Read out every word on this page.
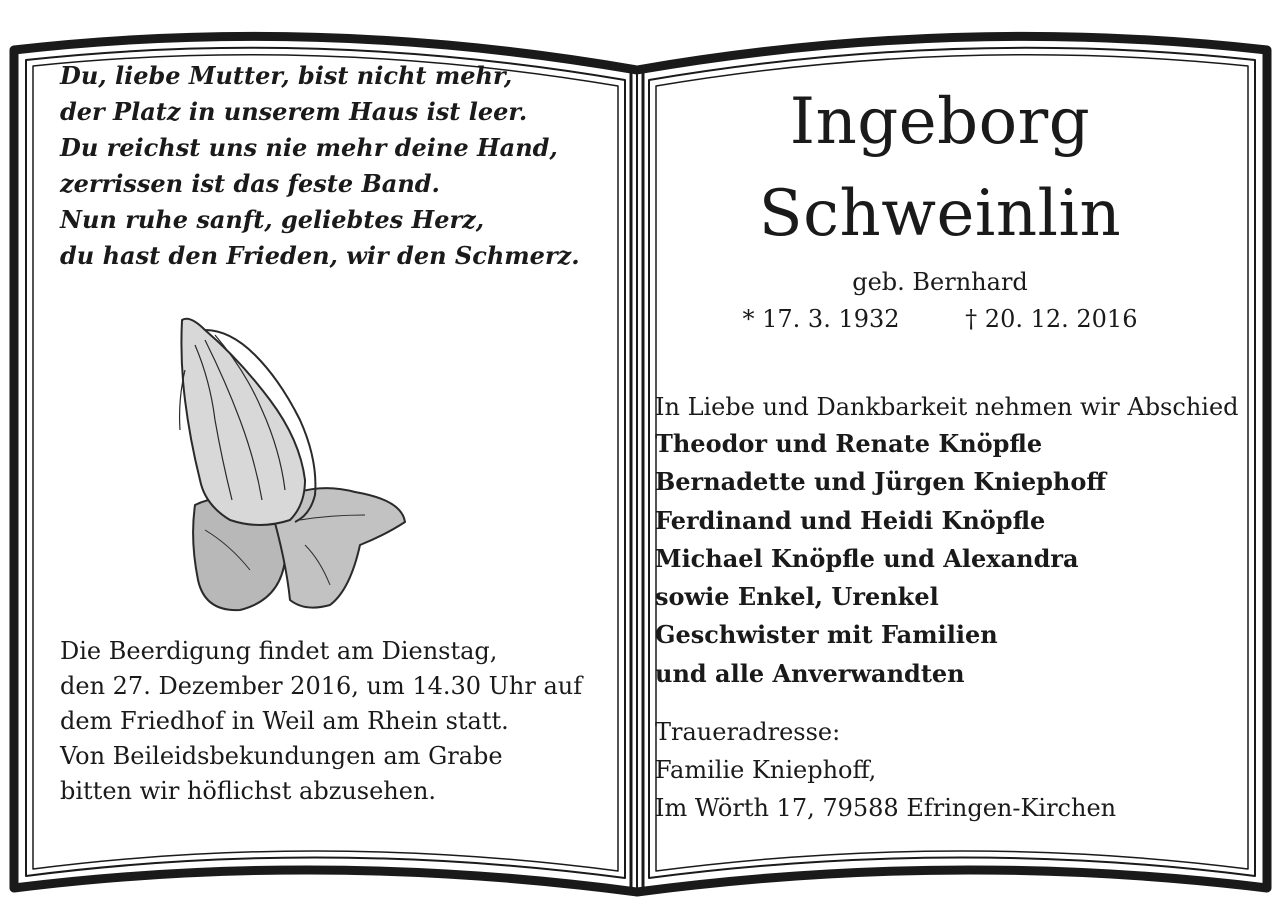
Du, liebe Mutter, bist nicht mehr,
der Platz in unserem Haus ist leer.
Du reichst uns nie mehr deine Hand,
zerrissen ist das feste Band.
Nun ruhe sanft, geliebtes Herz,
du hast den Frieden, wir den Schmerz.
Die Beerdigung findet am Dienstag,
den 27. Dezember 2016, um 14.30 Uhr auf
dem Friedhof in Weil am Rhein statt.
Von Beileidsbekundungen am Grabe
bitten wir höflichst abzusehen.
Ingeborg
Schweinlin
geb. Bernhard
* 17. 3. 1932	† 20. 12. 2016
In Liebe und Dankbarkeit nehmen wir Abschied
Theodor und Renate Knöpfle
Bernadette und Jürgen Kniephoff
Ferdinand und Heidi Knöpfle
Michael Knöpfle und Alexandra
sowie Enkel, Urenkel
Geschwister mit Familien
und alle Anverwandten
Traueradresse:
Familie Kniephoff,
Im Wörth 17, 79588 Efringen-Kirchen
